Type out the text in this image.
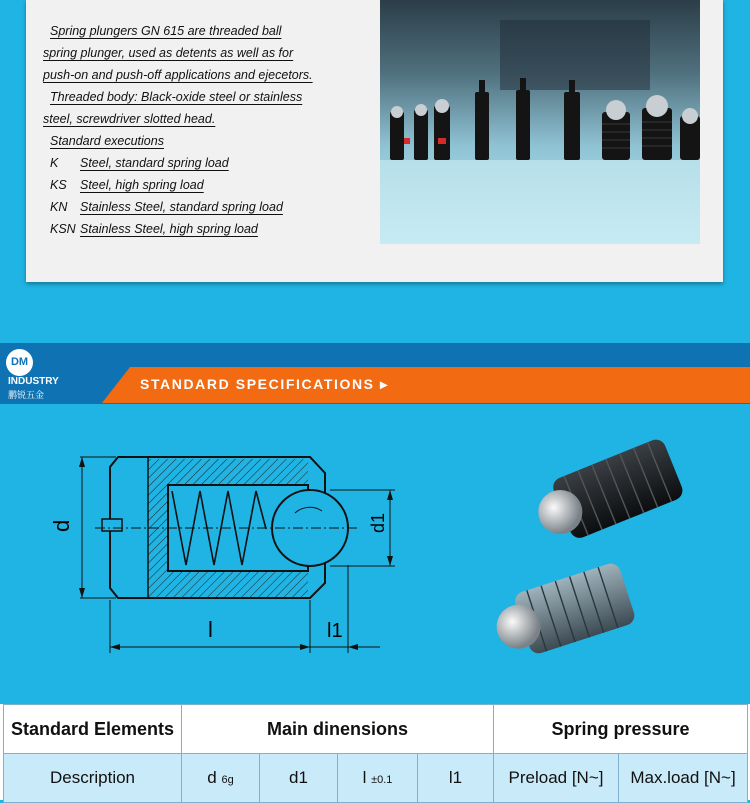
Spring plungers GN 615 are threaded ball
spring plunger, used as detents as well as for
push-on and push-off applications and ejecetors.
Threaded body: Black-oxide steel or stainless
steel, screwdriver slotted head.
Standard executions
K Steel, standard spring load
KS Steel, high spring load
KN Stainless Steel, standard spring load
KSN Stainless Steel, high spring load
STANDARD SPECIFICATIONS ▸
DM
INDUSTRY
鹏锐五金
d	d1
l	l1
Standard Elements	Main dinensions				Spring pressure	
Description	d 6g	d1	l ±0.1	l1	Preload [N~]	Max.load [N~]
